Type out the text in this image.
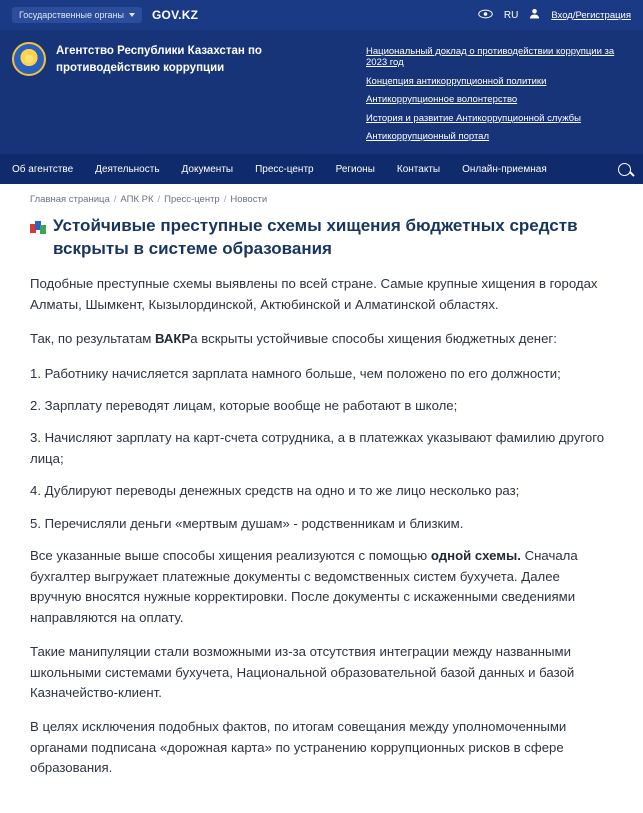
Государственные органы GOV.KZ	RU	Вход/Регистрация
Агентство Республики Казахстан по противодействию коррупции
Национальный доклад о противодействии коррупции за 2023 год
Концепция антикоррупционной политики
Антикоррупционное волонтерство
История и развитие Антикоррупционной службы
Антикоррупционный портал
Об агентстве Деятельность Документы Пресс-центр Регионы Контакты Онлайн-приемная
Главная страница / АПК РК / Пресс-центр / Новости
Устойчивые преступные схемы хищения бюджетных средств вскрыты в системе образования

Подобные преступные схемы выявлены по всей стране. Самые крупные хищения в городах Алматы, Шымкент, Кызылординской, Актюбинской и Алматинской областях.

Так, по результатам ВАКРа вскрыты устойчивые способы хищения бюджетных денег:

1. Работнику начисляется зарплата намного больше, чем положено по его должности;

2. Зарплату переводят лицам, которые вообще не работают в школе;

3. Начисляют зарплату на карт-счета сотрудника, а в платежках указывают фамилию другого лица;

4. Дублируют переводы денежных средств на одно и то же лицо несколько раз;

5. Перечисляли деньги «мертвым душам» - родственникам и близким.

Все указанные выше способы хищения реализуются с помощью одной схемы. Сначала бухгалтер выгружает платежные документы с ведомственных систем бухучета. Далее вручную вносятся нужные корректировки. После документы с искаженными сведениями направляются на оплату.

Такие манипуляции стали возможными из-за отсутствия интеграции между названными школьными системами бухучета, Национальной образовательной базой данных и базой Казначейство-клиент.

В целях исключения подобных фактов, по итогам совещания между уполномоченными органами подписана «дорожная карта» по устранению коррупционных рисков в сфере образования.
